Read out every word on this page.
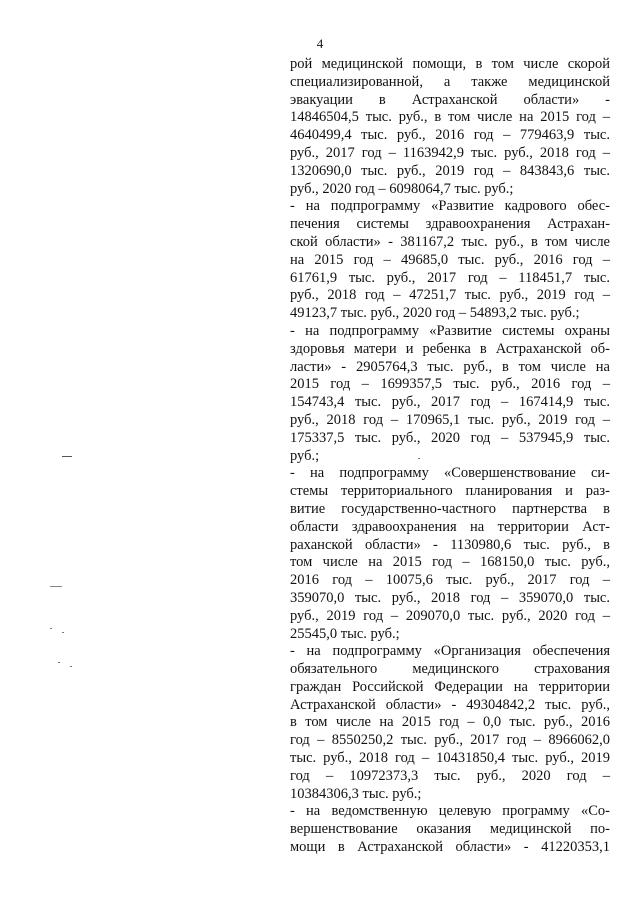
4
рой медицинской помощи, в том числе скорой
специализированной, а также медицинской
эвакуации в Астраханской области» -
14846504,5 тыс. руб., в том числе на 2015 год –
4640499,4 тыс. руб., 2016 год – 779463,9 тыс.
руб., 2017 год – 1163942,9 тыс. руб., 2018 год –
1320690,0 тыс. руб., 2019 год – 843843,6 тыс.
руб., 2020 год – 6098064,7 тыс. руб.;
- на подпрограмму «Развитие кадрового обес-
печения системы здравоохранения Астрахан-
ской области» - 381167,2 тыс. руб., в том числе
на 2015 год – 49685,0 тыс. руб., 2016 год –
61761,9 тыс. руб., 2017 год – 118451,7 тыс.
руб., 2018 год – 47251,7 тыс. руб., 2019 год –
49123,7 тыс. руб., 2020 год – 54893,2 тыс. руб.;
- на подпрограмму «Развитие системы охраны
здоровья матери и ребенка в Астраханской об-
ласти» - 2905764,3 тыс. руб., в том числе на
2015 год – 1699357,5 тыс. руб., 2016 год –
154743,4 тыс. руб., 2017 год – 167414,9 тыс.
руб., 2018 год – 170965,1 тыс. руб., 2019 год –
175337,5 тыс. руб., 2020 год – 537945,9 тыс.
руб.;
- на подпрограмму «Совершенствование си-
стемы территориального планирования и раз-
витие государственно-частного партнерства в
области здравоохранения на территории Аст-
раханской области» - 1130980,6 тыс. руб., в
том числе на 2015 год – 168150,0 тыс. руб.,
2016 год – 10075,6 тыс. руб., 2017 год –
359070,0 тыс. руб., 2018 год – 359070,0 тыс.
руб., 2019 год – 209070,0 тыс. руб., 2020 год –
25545,0 тыс. руб.;
- на подпрограмму «Организация обеспечения
обязательного медицинского страхования
граждан Российской Федерации на территории
Астраханской области» - 49304842,2 тыс. руб.,
в том числе на 2015 год – 0,0 тыс. руб., 2016
год – 8550250,2 тыс. руб., 2017 год – 8966062,0
тыс. руб., 2018 год – 10431850,4 тыс. руб., 2019
год – 10972373,3 тыс. руб., 2020 год –
10384306,3 тыс. руб.;
- на ведомственную целевую программу «Со-
вершенствование оказания медицинской по-
мощи в Астраханской области» - 41220353,1
